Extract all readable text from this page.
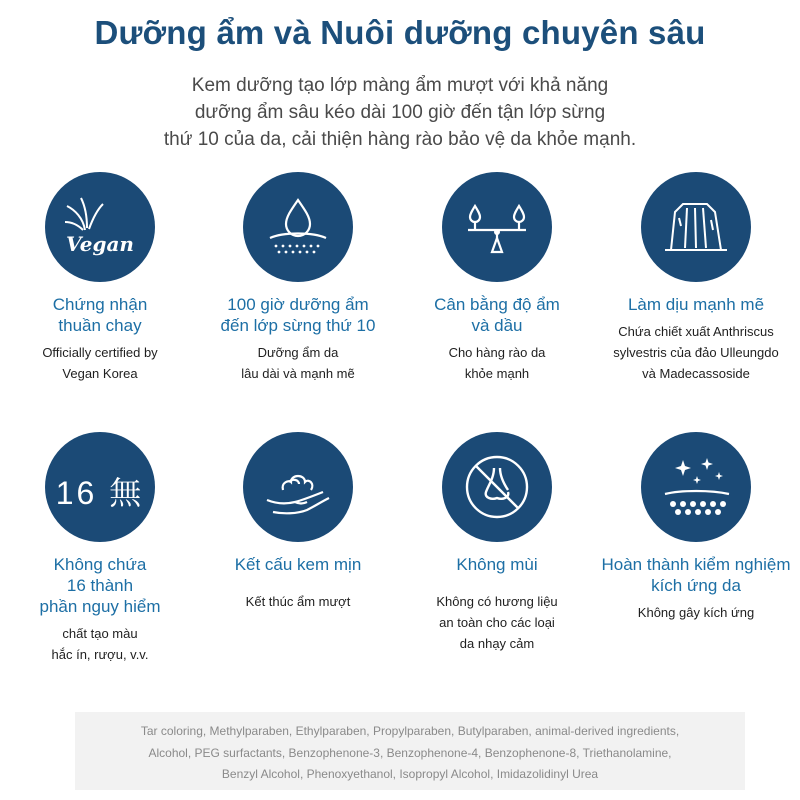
Dưỡng ẩm và Nuôi dưỡng chuyên sâu
Kem dưỡng tạo lớp màng ẩm mượt với khả năng
dưỡng ẩm sâu kéo dài 100 giờ đến tận lớp sừng
thứ 10 của da, cải thiện hàng rào bảo vệ da khỏe mạnh.
Vegan
Chứng nhận
thuần chay
Officially certified by
Vegan Korea
100 giờ dưỡng ẩm
đến lớp sừng thứ 10
Dưỡng ẩm da
lâu dài và mạnh mẽ
Cân bằng độ ẩm
và dầu
Cho hàng rào da
khỏe mạnh
Làm dịu mạnh mẽ
Chứa chiết xuất Anthriscus
sylvestris của đảo Ulleungdo
và Madecassoside
16 無
Không chứa
16 thành
phần nguy hiểm
chất tạo màu
hắc ín, rượu, v.v.
Kết cấu kem mịn
Kết thúc ẩm mượt
Không mùi
Không có hương liệu
an toàn cho các loại
da nhạy cảm
Hoàn thành kiểm nghiệm
kích ứng da
Không gây kích ứng

Tar coloring, Methylparaben, Ethylparaben, Propylparaben, Butylparaben, animal-derived ingredients,
Alcohol, PEG surfactants, Benzophenone-3, Benzophenone-4, Benzophenone-8, Triethanolamine,
Benzyl Alcohol, Phenoxyethanol, Isopropyl Alcohol, Imidazolidinyl Urea
